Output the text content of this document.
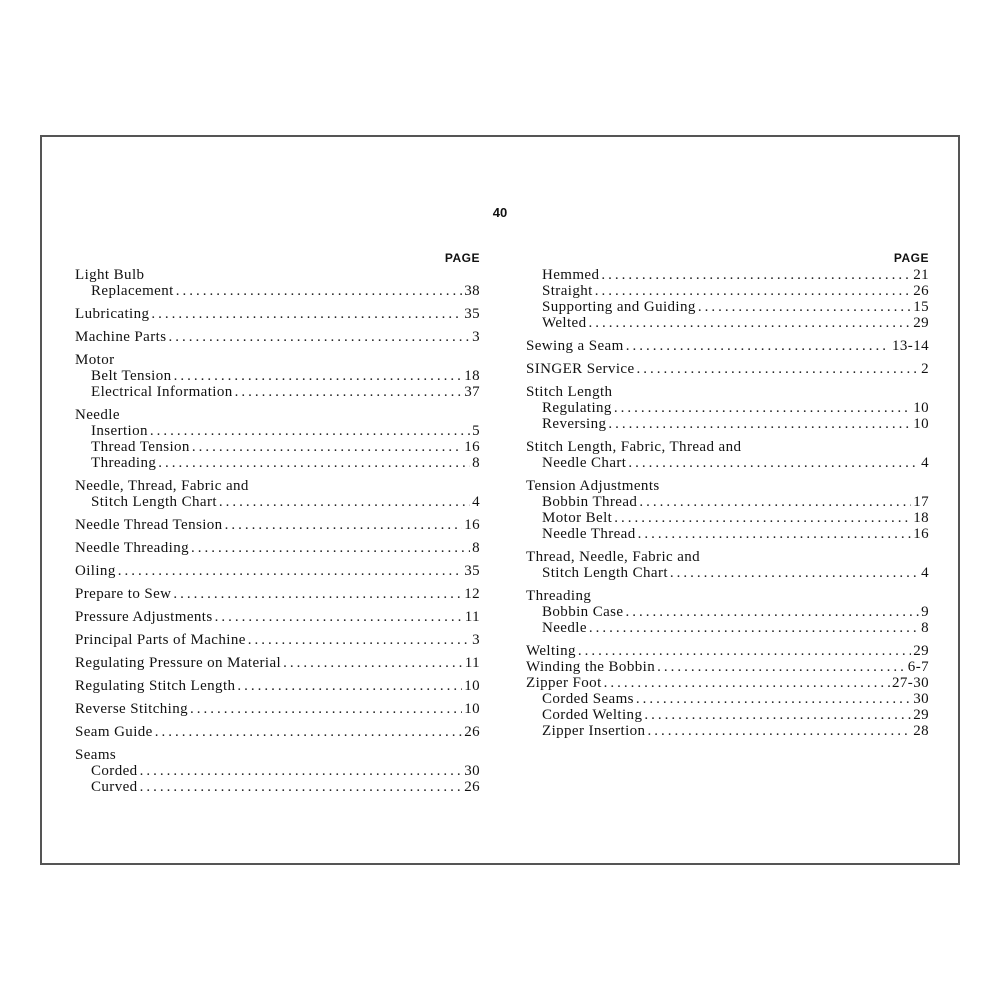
40
PAGE
Light Bulb
Replacement .....	38
Lubricating .....	35
Machine Parts .....	3
Motor
Belt Tension .....	18
Electrical Information .....	37
Needle
Insertion .....	5
Thread Tension .....	16
Threading .....	8
Needle, Thread, Fabric and
Stitch Length Chart .....	4
Needle Thread Tension .....	16
Needle Threading .....	8
Oiling .....	35
Prepare to Sew .....	12
Pressure Adjustments .....	11
Principal Parts of Machine .....	3
Regulating Pressure on Material .....	11
Regulating Stitch Length .....	10
Reverse Stitching .....	10
Seam Guide .....	26
Seams
Corded .....	30
Curved .....	26
PAGE
Hemmed .....	21
Straight .....	26
Supporting and Guiding .....	15
Welted .....	29
Sewing a Seam .....	13-14
SINGER Service .....	2
Stitch Length
Regulating .....	10
Reversing .....	10
Stitch Length, Fabric, Thread and
Needle Chart .....	4
Tension Adjustments
Bobbin Thread .....	17
Motor Belt .....	18
Needle Thread .....	16
Thread, Needle, Fabric and
Stitch Length Chart .....	4
Threading
Bobbin Case .....	9
Needle .....	8
Welting .....	29
Winding the Bobbin .....	6-7
Zipper Foot .....	27-30
Corded Seams .....	30
Corded Welting .....	29
Zipper Insertion .....	28
